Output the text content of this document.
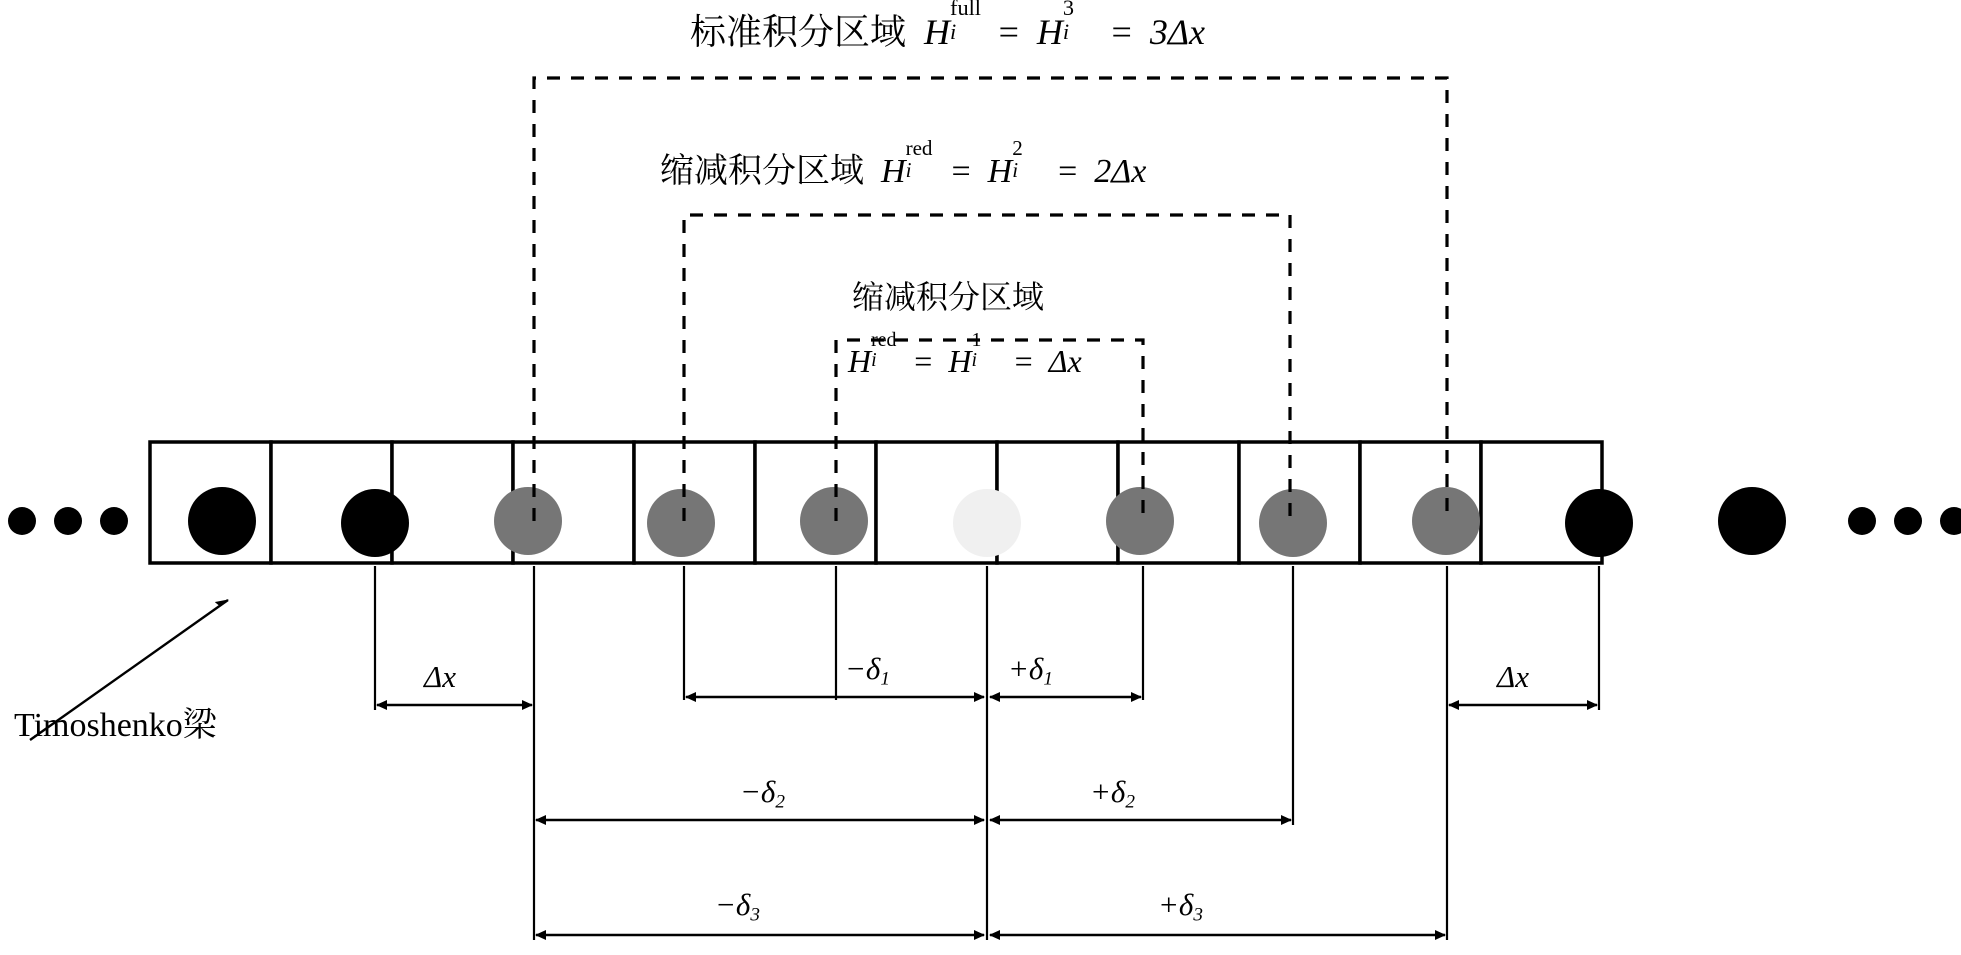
标准积分区域 H
full
i = H
3
i = 3Δx
缩减积分区域 H
red
i = H
2
i = 2Δx
缩减积分区域
H
red
i = H
1
i = Δx
Timoshenko梁
Δx	$-\delta_1$	$+\delta_1$	Δx
$-\delta_2$	$+\delta_2$
$-\delta_3$	$+\delta_3$
